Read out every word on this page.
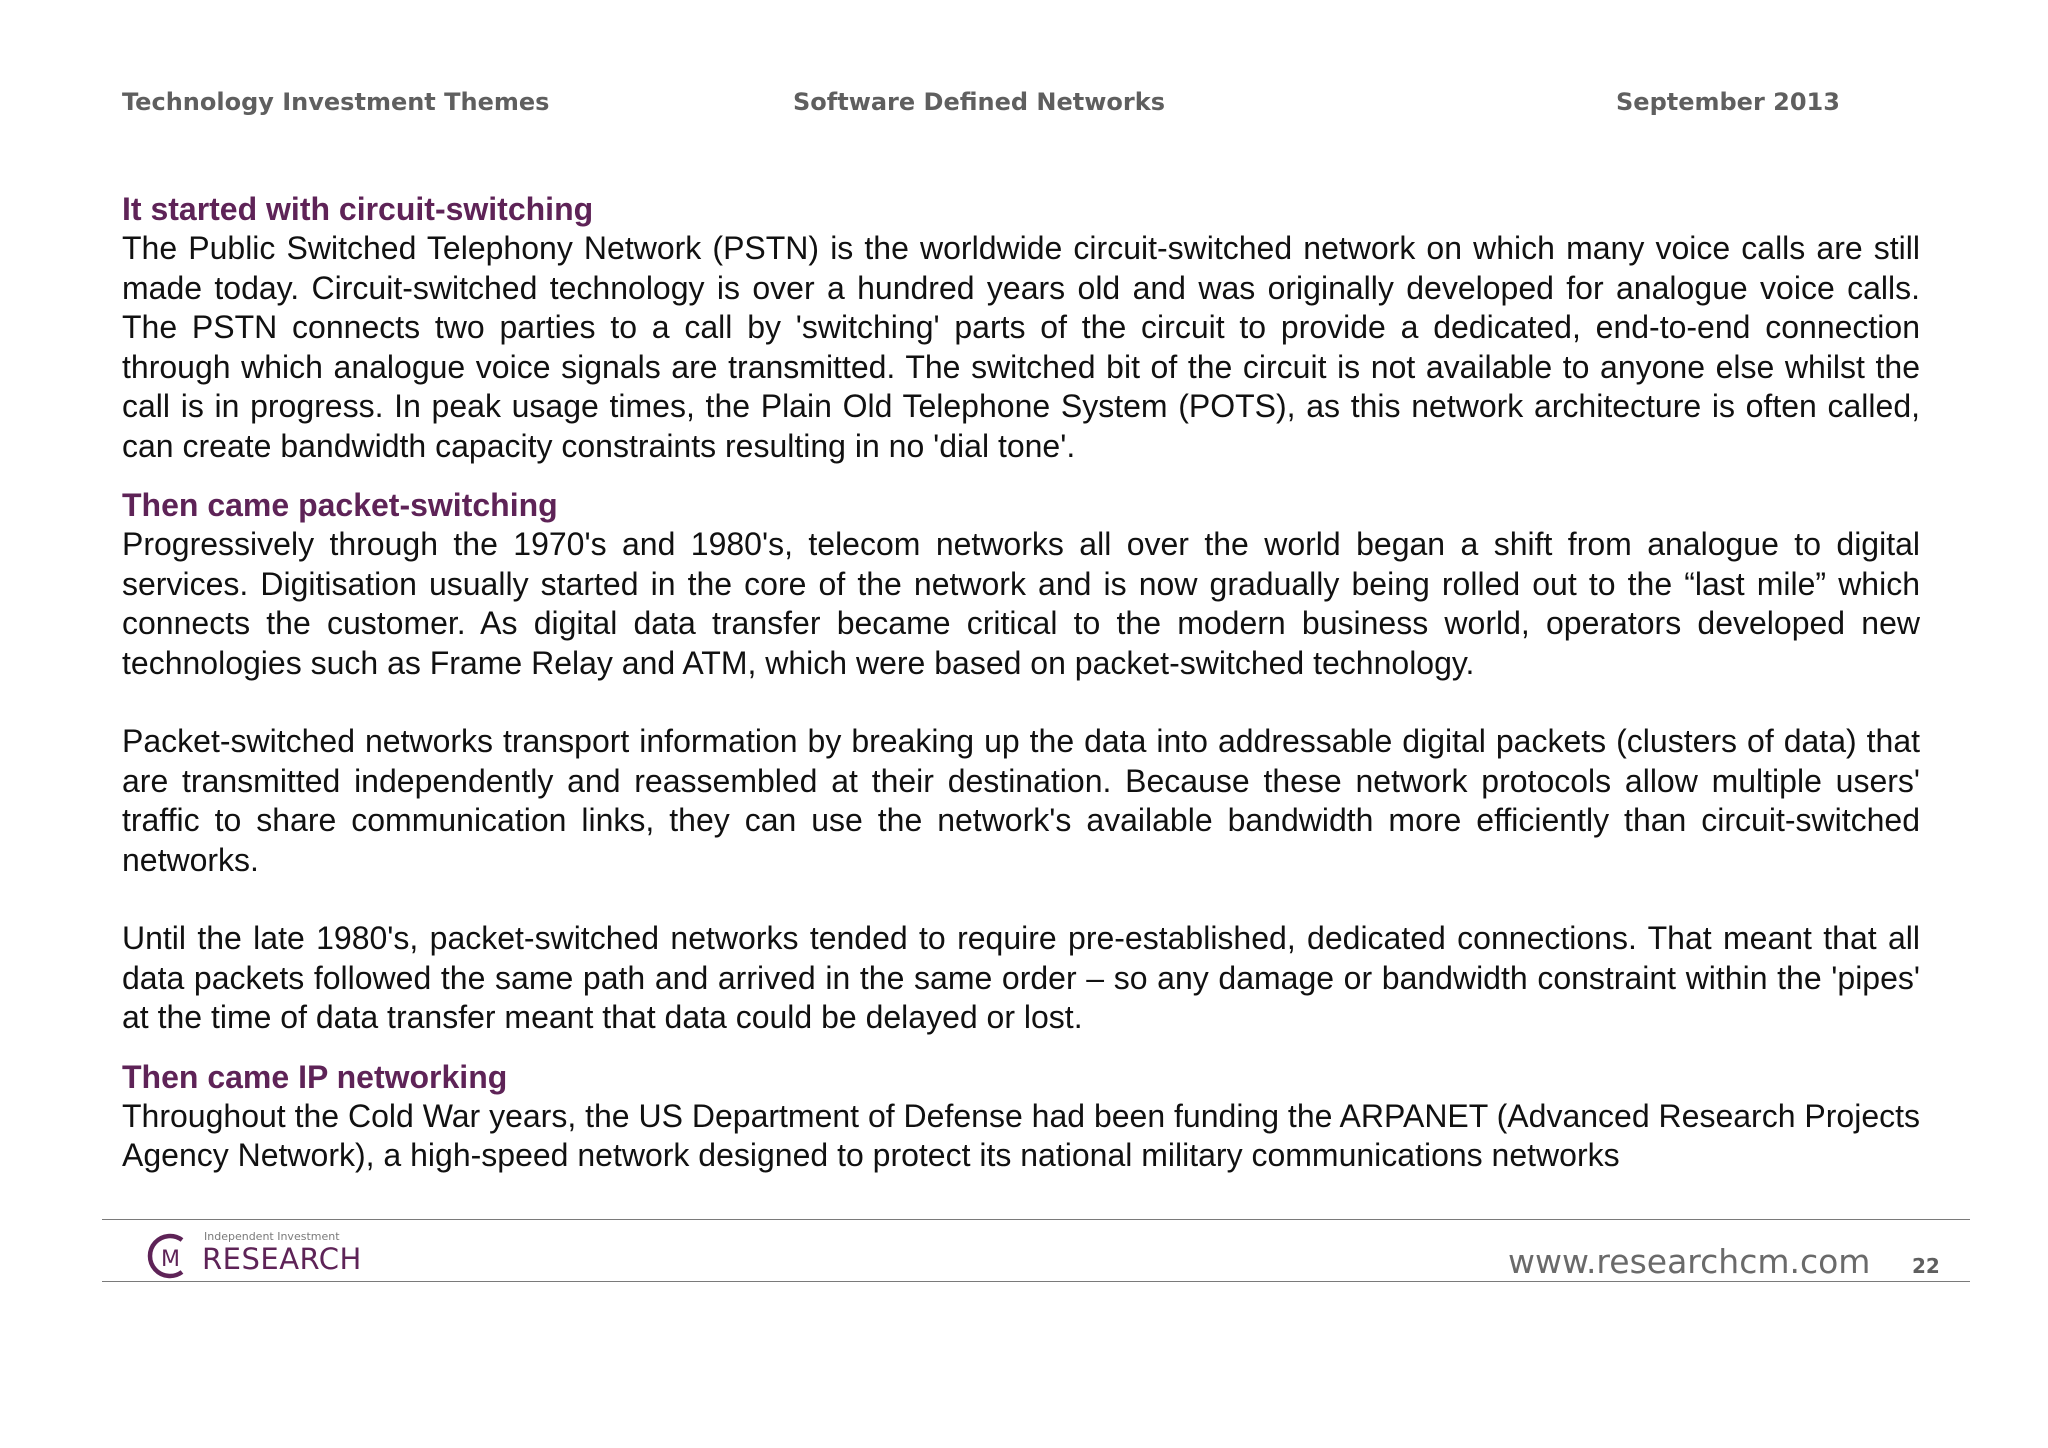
Technology Investment Themes	Software Defined Networks	September 2013
It started with circuit-switching

The Public Switched Telephony Network (PSTN) is the worldwide circuit-switched network on which many voice calls are still made today. Circuit-switched technology is over a hundred years old and was originally developed for analogue voice calls. The PSTN connects two parties to a call by 'switching' parts of the circuit to provide a dedicated, end-to-end connection through which analogue voice signals are transmitted. The switched bit of the circuit is not available to anyone else whilst the call is in progress. In peak usage times, the Plain Old Telephone System (POTS), as this network architecture is often called, can create bandwidth capacity constraints resulting in no 'dial tone'.

Then came packet-switching

Progressively through the 1970's and 1980's, telecom networks all over the world began a shift from analogue to digital services. Digitisation usually started in the core of the network and is now gradually being rolled out to the “last mile” which connects the customer. As digital data transfer became critical to the modern business world, operators developed new technologies such as Frame Relay and ATM, which were based on packet-switched technology.

Packet-switched networks transport information by breaking up the data into addressable digital packets (clusters of data) that are transmitted independently and reassembled at their destination. Because these network protocols allow multiple users' traffic to share communication links, they can use the network's available bandwidth more efficiently than circuit-switched networks.

Until the late 1980's, packet-switched networks tended to require pre-established, dedicated connections. That meant that all data packets followed the same path and arrived in the same order – so any damage or bandwidth constraint within the 'pipes' at the time of data transfer meant that data could be delayed or lost.

Then came IP networking

Throughout the Cold War years, the US Department of Defense had been funding the ARPANET (Advanced Research Projects Agency Network), a high-speed network designed to protect its national military communications networks

M
Independent Investment
RESEARCH	www.researchcm.com 22
